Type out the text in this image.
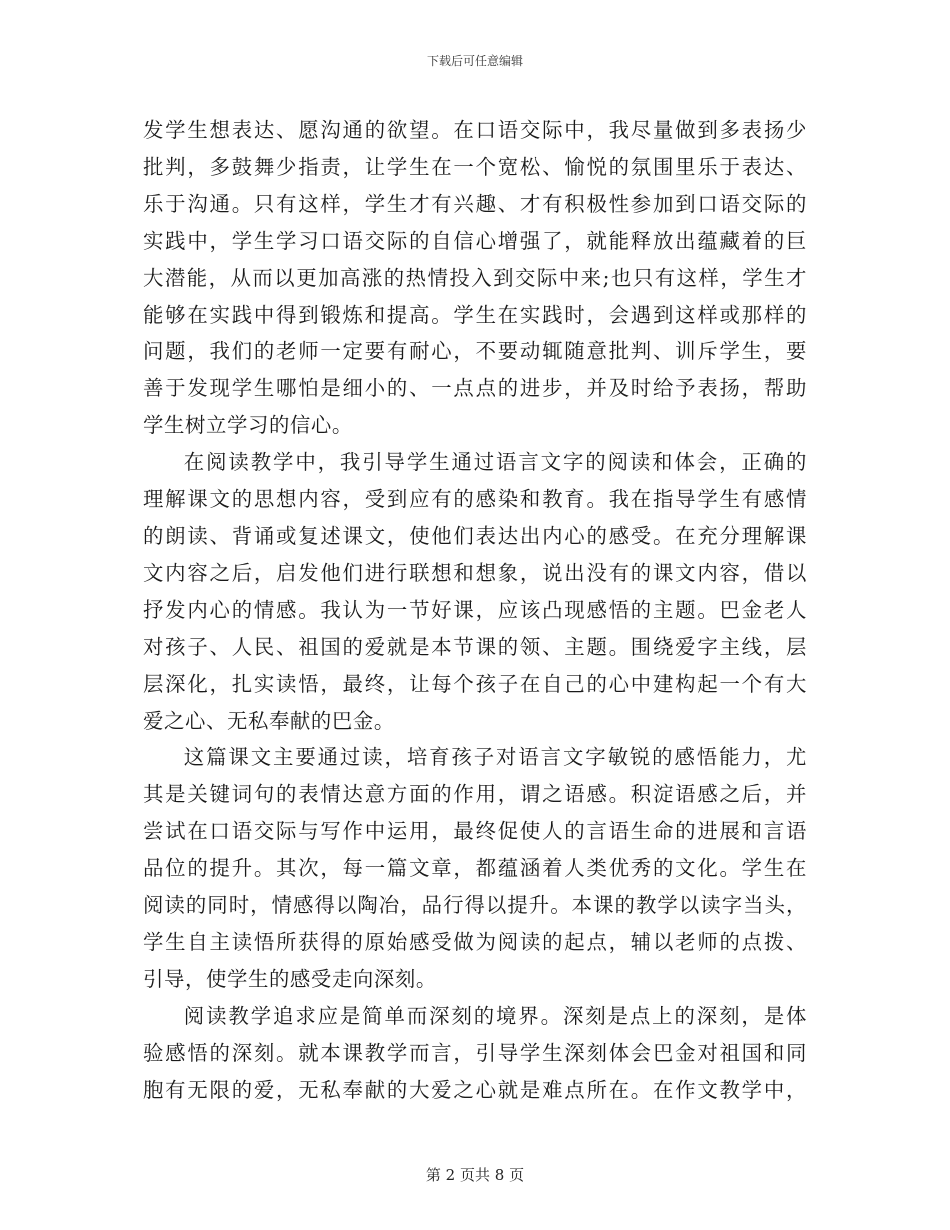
下载后可任意编辑

发学生想表达、愿沟通的欲望。在口语交际中，我尽量做到多表扬少
批判，多鼓舞少指责，让学生在一个宽松、愉悦的氛围里乐于表达、
乐于沟通。只有这样，学生才有兴趣、才有积极性参加到口语交际的
实践中，学生学习口语交际的自信心增强了，就能释放出蕴藏着的巨
大潜能，从而以更加高涨的热情投入到交际中来;也只有这样，学生才
能够在实践中得到锻炼和提高。学生在实践时，会遇到这样或那样的
问题，我们的老师一定要有耐心，不要动辄随意批判、训斥学生，要
善于发现学生哪怕是细小的、一点点的进步，并及时给予表扬，帮助
学生树立学习的信心。

在阅读教学中，我引导学生通过语言文字的阅读和体会，正确的
理解课文的思想内容，受到应有的感染和教育。我在指导学生有感情
的朗读、背诵或复述课文，使他们表达出内心的感受。在充分理解课
文内容之后，启发他们进行联想和想象，说出没有的课文内容，借以
抒发内心的情感。我认为一节好课，应该凸现感悟的主题。巴金老人
对孩子、人民、祖国的爱就是本节课的领、主题。围绕爱字主线，层
层深化，扎实读悟，最终，让每个孩子在自己的心中建构起一个有大
爱之心、无私奉献的巴金。

这篇课文主要通过读，培育孩子对语言文字敏锐的感悟能力，尤
其是关键词句的表情达意方面的作用，谓之语感。积淀语感之后，并
尝试在口语交际与写作中运用，最终促使人的言语生命的进展和言语
品位的提升。其次，每一篇文章，都蕴涵着人类优秀的文化。学生在
阅读的同时，情感得以陶冶，品行得以提升。本课的教学以读字当头，
学生自主读悟所获得的原始感受做为阅读的起点，辅以老师的点拨、
引导，使学生的感受走向深刻。

阅读教学追求应是简单而深刻的境界。深刻是点上的深刻，是体
验感悟的深刻。就本课教学而言，引导学生深刻体会巴金对祖国和同
胞有无限的爱，无私奉献的大爱之心就是难点所在。在作文教学中，

第 2 页共 8 页
